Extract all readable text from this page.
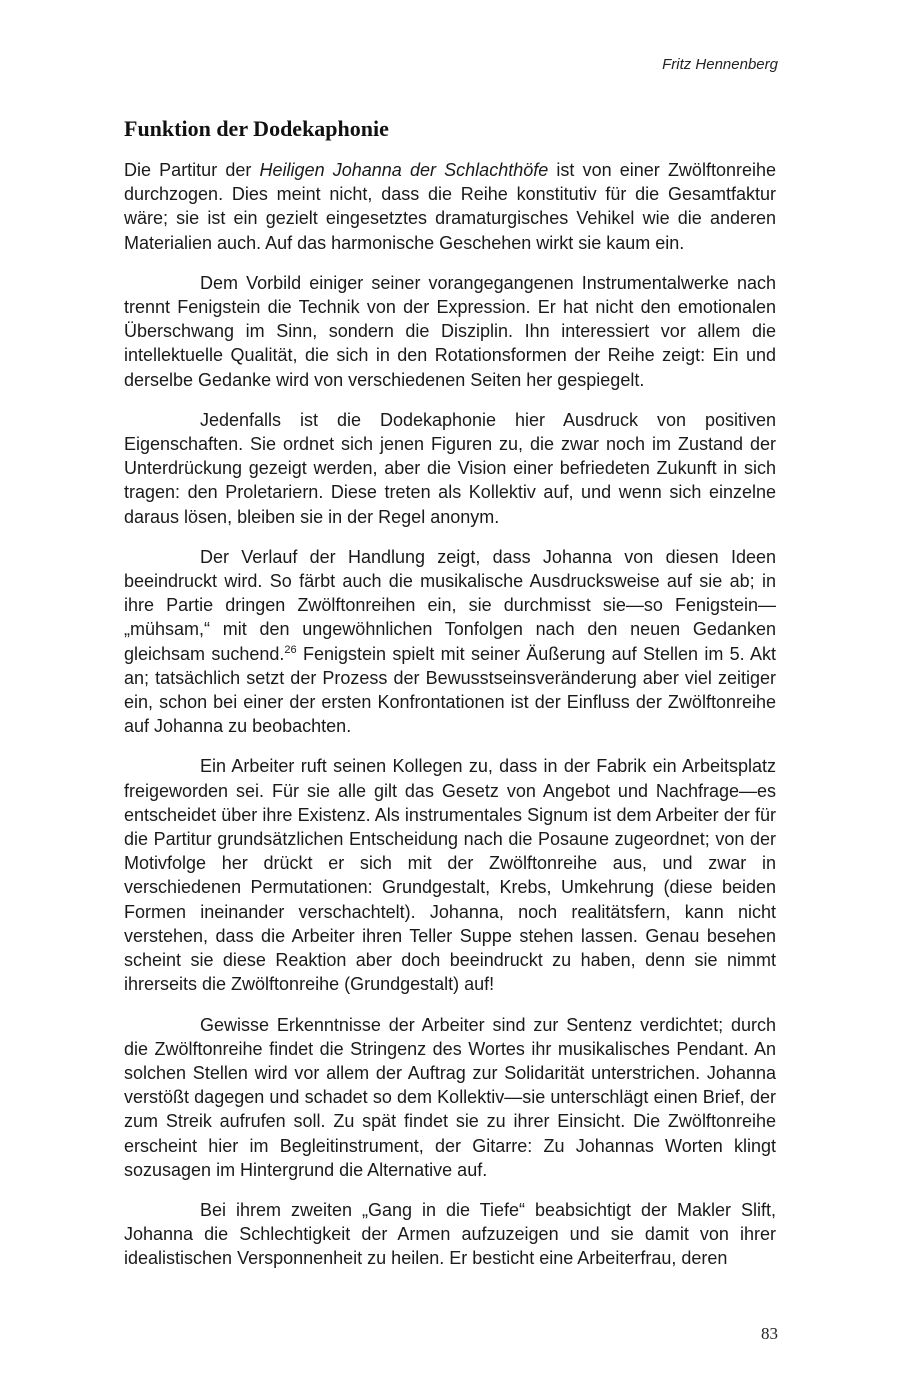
Fritz Hennenberg
Funktion der Dodekaphonie

Die Partitur der Heiligen Johanna der Schlachthöfe ist von einer Zwölftonreihe durchzogen. Dies meint nicht, dass die Reihe konstitutiv für die Gesamtfaktur wäre; sie ist ein gezielt eingesetztes dramaturgisches Vehikel wie die anderen Materialien auch. Auf das harmonische Geschehen wirkt sie kaum ein.

Dem Vorbild einiger seiner vorangegangenen Instrumentalwerke nach trennt Fenigstein die Technik von der Expression. Er hat nicht den emotionalen Überschwang im Sinn, sondern die Disziplin. Ihn interessiert vor allem die intellektuelle Qualität, die sich in den Rotationsformen der Reihe zeigt: Ein und derselbe Gedanke wird von verschiedenen Seiten her gespiegelt.

Jedenfalls ist die Dodekaphonie hier Ausdruck von positiven Eigenschaften. Sie ordnet sich jenen Figuren zu, die zwar noch im Zustand der Unterdrückung gezeigt werden, aber die Vision einer befriedeten Zukunft in sich tragen: den Proletariern. Diese treten als Kollektiv auf, und wenn sich einzelne daraus lösen, bleiben sie in der Regel anonym.

Der Verlauf der Handlung zeigt, dass Johanna von diesen Ideen beeindruckt wird. So färbt auch die musikalische Ausdrucksweise auf sie ab; in ihre Partie dringen Zwölftonreihen ein, sie durchmisst sie—so Fenigstein—„mühsam,“ mit den ungewöhnlichen Tonfolgen nach den neuen Gedanken gleichsam suchend.$^{26}$ Fenigstein spielt mit seiner Äußerung auf Stellen im 5. Akt an; tatsächlich setzt der Prozess der Bewusstseinsveränderung aber viel zeitiger ein, schon bei einer der ersten Konfrontationen ist der Einfluss der Zwölftonreihe auf Johanna zu beobachten.

Ein Arbeiter ruft seinen Kollegen zu, dass in der Fabrik ein Arbeitsplatz freigeworden sei. Für sie alle gilt das Gesetz von Angebot und Nachfrage—es entscheidet über ihre Existenz. Als instrumentales Signum ist dem Arbeiter der für die Partitur grundsätzlichen Entscheidung nach die Posaune zugeordnet; von der Motivfolge her drückt er sich mit der Zwölftonreihe aus, und zwar in verschiedenen Permutationen: Grundgestalt, Krebs, Umkehrung (diese beiden Formen ineinander verschachtelt). Johanna, noch realitätsfern, kann nicht verstehen, dass die Arbeiter ihren Teller Suppe stehen lassen. Genau besehen scheint sie diese Reaktion aber doch beeindruckt zu haben, denn sie nimmt ihrerseits die Zwölftonreihe (Grundgestalt) auf!

Gewisse Erkenntnisse der Arbeiter sind zur Sentenz verdichtet; durch die Zwölftonreihe findet die Stringenz des Wortes ihr musikalisches Pendant. An solchen Stellen wird vor allem der Auftrag zur Solidarität unterstrichen. Johanna verstößt dagegen und schadet so dem Kollektiv—sie unterschlägt einen Brief, der zum Streik aufrufen soll. Zu spät findet sie zu ihrer Einsicht. Die Zwölftonreihe erscheint hier im Begleitinstrument, der Gitarre: Zu Johannas Worten klingt sozusagen im Hintergrund die Alternative auf.

Bei ihrem zweiten „Gang in die Tiefe“ beabsichtigt der Makler Slift, Johanna die Schlechtigkeit der Armen aufzuzeigen und sie damit von ihrer idealistischen Versponnenheit zu heilen. Er besticht eine Arbeiterfrau, deren

83
